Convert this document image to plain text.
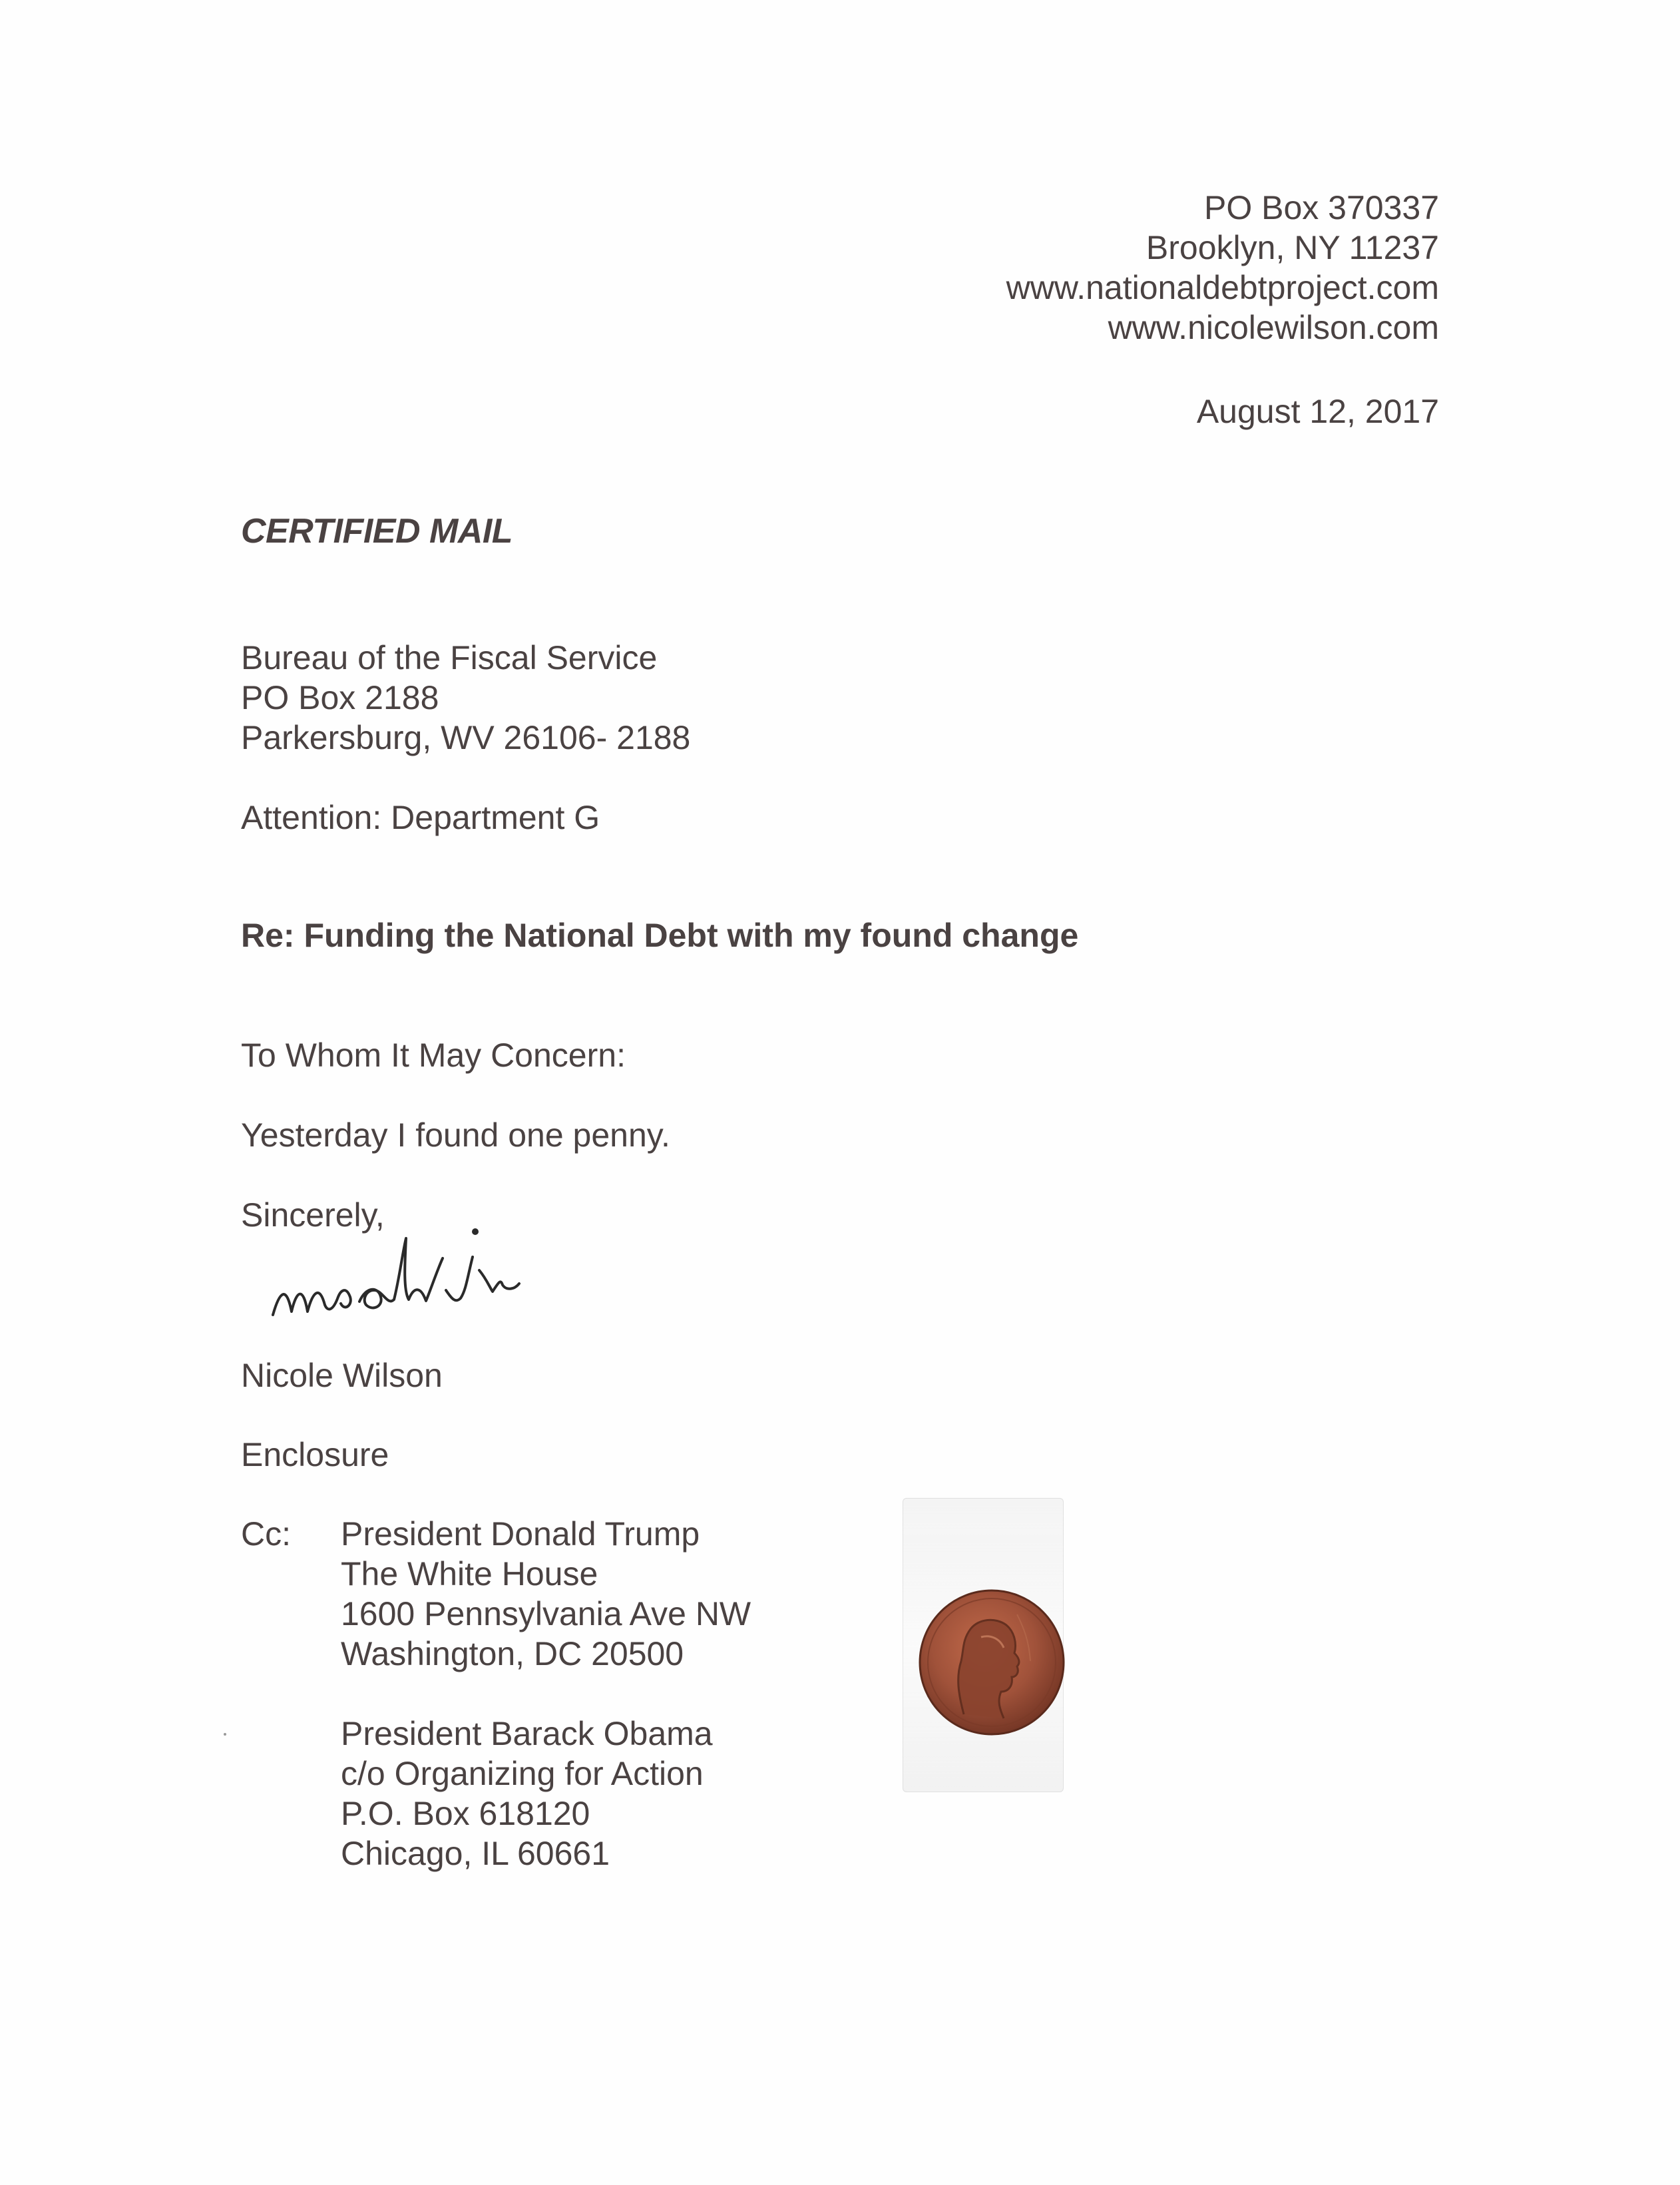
PO Box 370337
Brooklyn, NY 11237
www.nationaldebtproject.com
www.nicolewilson.com
August 12, 2017
CERTIFIED MAIL
Bureau of the Fiscal Service
PO Box 2188
Parkersburg, WV 26106- 2188
Attention: Department G
Re: Funding the National Debt with my found change
To Whom It May Concern:
Yesterday I found one penny.
Sincerely,
Nicole Wilson
Enclosure
Cc: President Donald Trump
The White House
1600 Pennsylvania Ave NW
Washington, DC 20500
President Barack Obama
c/o Organizing for Action
P.O. Box 618120
Chicago, IL 60661
